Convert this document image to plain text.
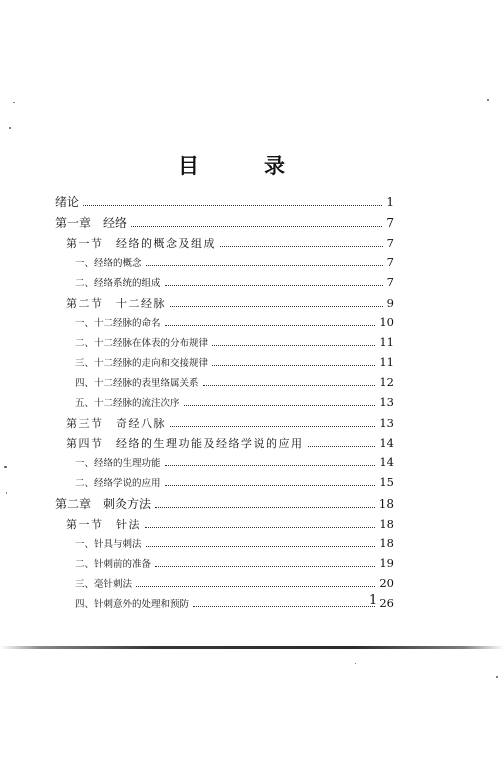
目　录
绪论	1
第一章　经络	7
第一节　经络的概念及组成	7
一、经络的概念	7
二、经络系统的组成	7
第二节　十二经脉	9
一、十二经脉的命名	10
二、十二经脉在体表的分布规律	11
三、十二经脉的走向和交接规律	11
四、十二经脉的表里络属关系	12
五、十二经脉的流注次序	13
第三节　奇经八脉	13
第四节　经络的生理功能及经络学说的应用	14
一、经络的生理功能	14
二、经络学说的应用	15
第二章　刺灸方法	18
第一节　针法	18
一、针具与刺法	18
二、针刺前的准备	19
三、毫针刺法	20
四、针刺意外的处理和预防	26
1
